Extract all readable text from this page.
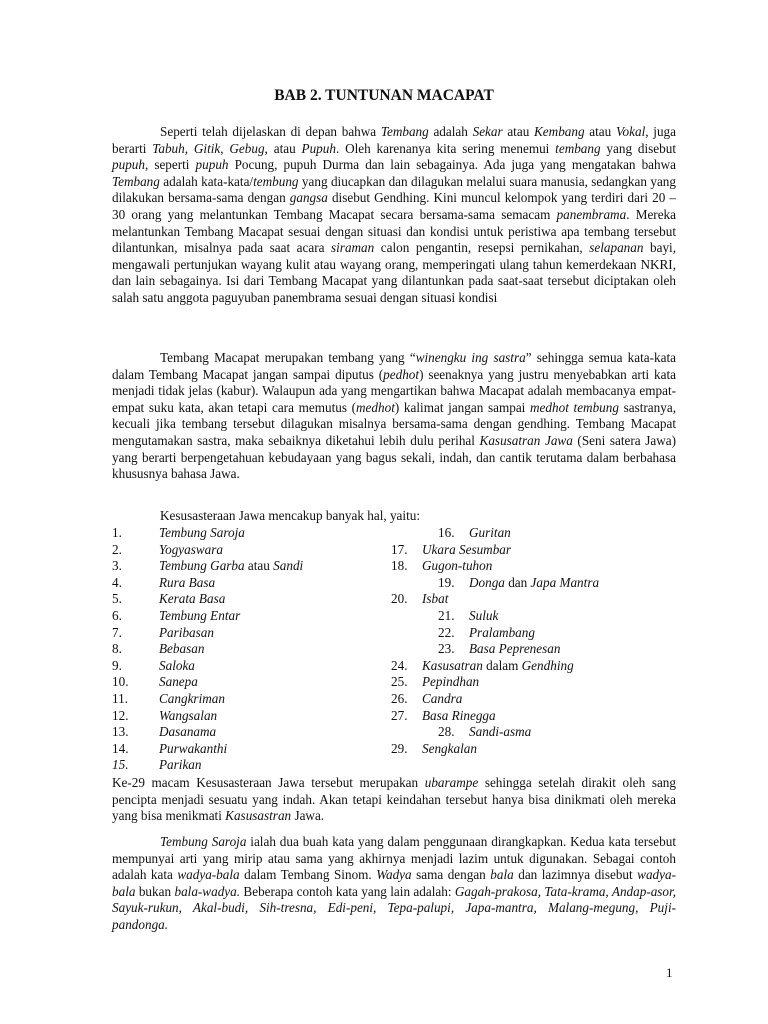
BAB 2. TUNTUNAN MACAPAT

Seperti telah dijelaskan di depan bahwa Tembang adalah Sekar atau Kembang atau Vokal, juga berarti Tabuh, Gitik, Gebug, atau Pupuh. Oleh karenanya kita sering menemui tembang yang disebut pupuh, seperti pupuh Pocung, pupuh Durma dan lain sebagainya. Ada juga yang mengatakan bahwa Tembang adalah kata-kata/tembung yang diucapkan dan dilagukan melalui suara manusia, sedangkan yang dilakukan bersama-sama dengan gangsa disebut Gendhing. Kini muncul kelompok yang terdiri dari 20 – 30 orang yang melantunkan Tembang Macapat secara bersama-sama semacam panembrama. Mereka melantunkan Tembang Macapat sesuai dengan situasi dan kondisi untuk peristiwa apa tembang tersebut dilantunkan, misalnya pada saat acara siraman calon pengantin, resepsi pernikahan, selapanan bayi, mengawali pertunjukan wayang kulit atau wayang orang, memperingati ulang tahun kemerdekaan NKRI, dan lain sebagainya. Isi dari Tembang Macapat yang dilantunkan pada saat-saat tersebut diciptakan oleh salah satu anggota paguyuban panembrama sesuai dengan situasi kondisi

Tembang Macapat merupakan tembang yang “winengku ing sastra” sehingga semua kata-kata dalam Tembang Macapat jangan sampai diputus (pedhot) seenaknya yang justru menyebabkan arti kata menjadi tidak jelas (kabur). Walaupun ada yang mengartikan bahwa Macapat adalah membacanya empat-empat suku kata, akan tetapi cara memutus (medhot) kalimat jangan sampai medhot tembung sastranya, kecuali jika tembang tersebut dilagukan misalnya bersama-sama dengan gendhing. Tembang Macapat mengutamakan sastra, maka sebaiknya diketahui lebih dulu perihal Kasusatran Jawa (Seni satera Jawa) yang berarti berpengetahuan kebudayaan yang bagus sekali, indah, dan cantik terutama dalam berbahasa khususnya bahasa Jawa.

Kesusasteraan Jawa mencakup banyak hal, yaitu:

1.	Tembung Saroja
2.	Yogyaswara
3.	Tembung Garba atau Sandi
4.	Rura Basa
5.	Kerata Basa
6.	Tembung Entar
7.	Paribasan
8.	Bebasan
9.	Saloka
10. Sanepa
11. Cangkriman
12. Wangsalan
13. Dasanama
14. Purwakanthi
15. Parikan
16. Guritan
17. Ukara Sesumbar
18. Gugon-tuhon
19. Donga dan Japa Mantra
20. Isbat
21. Suluk
22. Pralambang
23. Basa Peprenesan
24. Kasusatran dalam Gendhing
25. Pepindhan
26. Candra
27. Basa Rinegga
28. Sandi-asma
29. Sengkalan

Ke-29 macam Kesusasteraan Jawa tersebut merupakan ubarampe sehingga setelah dirakit oleh sang pencipta menjadi sesuatu yang indah. Akan tetapi keindahan tersebut hanya bisa dinikmati oleh mereka yang bisa menikmati Kasusastran Jawa.

Tembung Saroja ialah dua buah kata yang dalam penggunaan dirangkapkan. Kedua kata tersebut mempunyai arti yang mirip atau sama yang akhirnya menjadi lazim untuk digunakan. Sebagai contoh adalah kata wadya-bala dalam Tembang Sinom. Wadya sama dengan bala dan lazimnya disebut wadya-bala bukan bala-wadya. Beberapa contoh kata yang lain adalah: Gagah-prakosa, Tata-krama, Andap-asor, Sayuk-rukun, Akal-budi, Sih-tresna, Edi-peni, Tepa-palupi, Japa-mantra, Malang-megung, Puji-pandonga.

1
